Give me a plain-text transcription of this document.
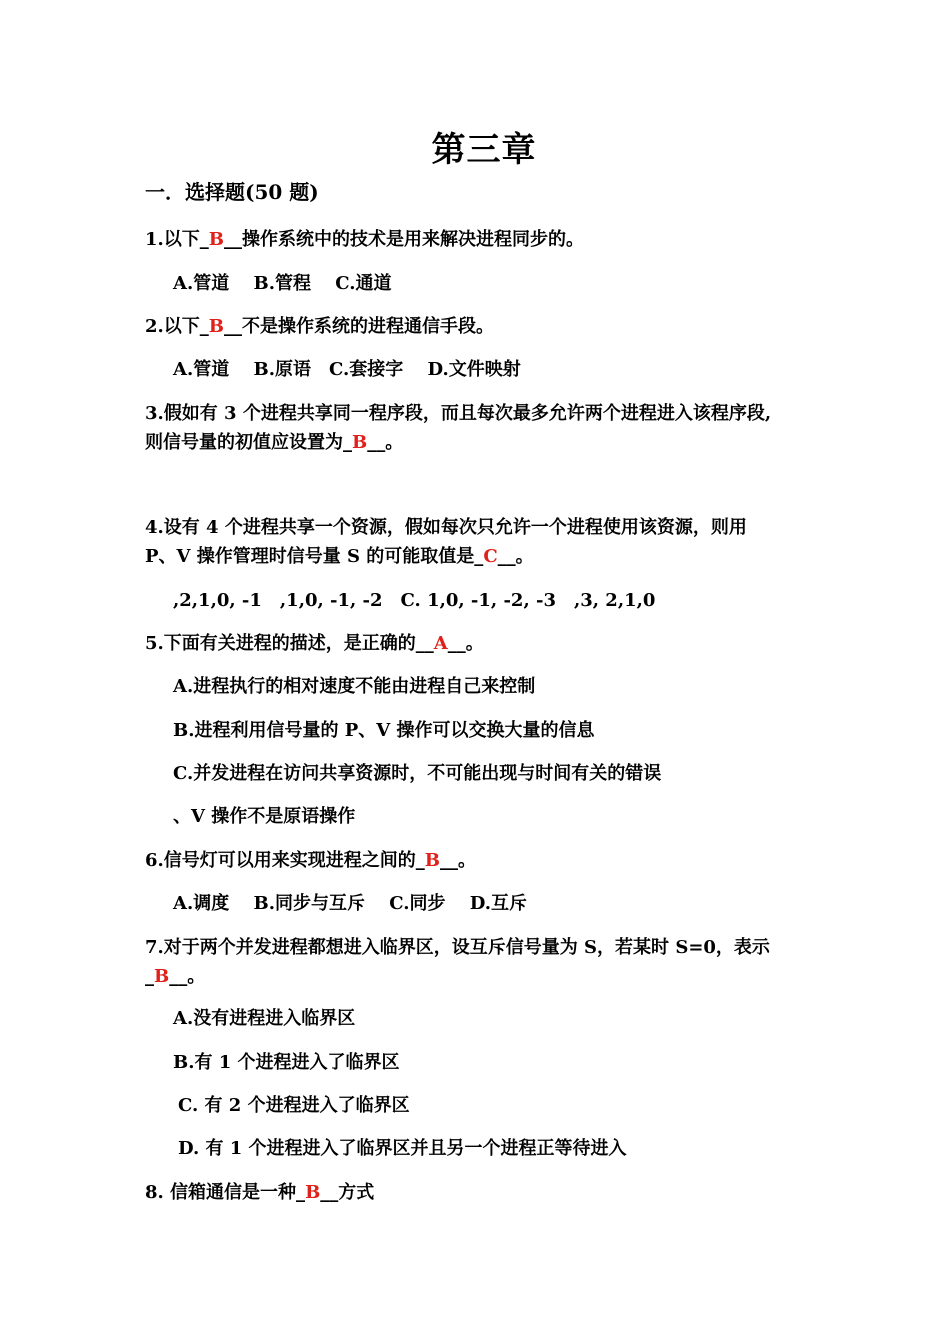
第三章
一．选择题(50 题)
1.以下_B__操作系统中的技术是用来解决进程同步的。
A.管道　 B.管程　 C.通道
2.以下_B__不是操作系统的进程通信手段。
A.管道　 B.原语　C.套接字　 D.文件映射
3.假如有 3 个进程共享同一程序段，而且每次最多允许两个进程进入该程序段,
则信号量的初值应设置为_B__。
4.设有 4 个进程共享一个资源，假如每次只允许一个进程使用该资源，则用
P、V 操作管理时信号量 S 的可能取值是_C__。
,2,1,0, -1　,1,0, -1, -2　C. 1,0, -1, -2, -3　,3, 2,1,0
5.下面有关进程的描述，是正确的__A__。
A.进程执行的相对速度不能由进程自己来控制
B.进程利用信号量的 P、V 操作可以交换大量的信息
C.并发进程在访问共享资源时，不可能出现与时间有关的错误
、V 操作不是原语操作
6.信号灯可以用来实现进程之间的_B__。
A.调度　 B.同步与互斥　 C.同步　 D.互斥
7.对于两个并发进程都想进入临界区，设互斥信号量为 S，若某时 S=0，表示
_B__。
A.没有进程进入临界区
B.有 1 个进程进入了临界区
C. 有 2 个进程进入了临界区
D. 有 1 个进程进入了临界区并且另一个进程正等待进入
8. 信箱通信是一种_B__方式
